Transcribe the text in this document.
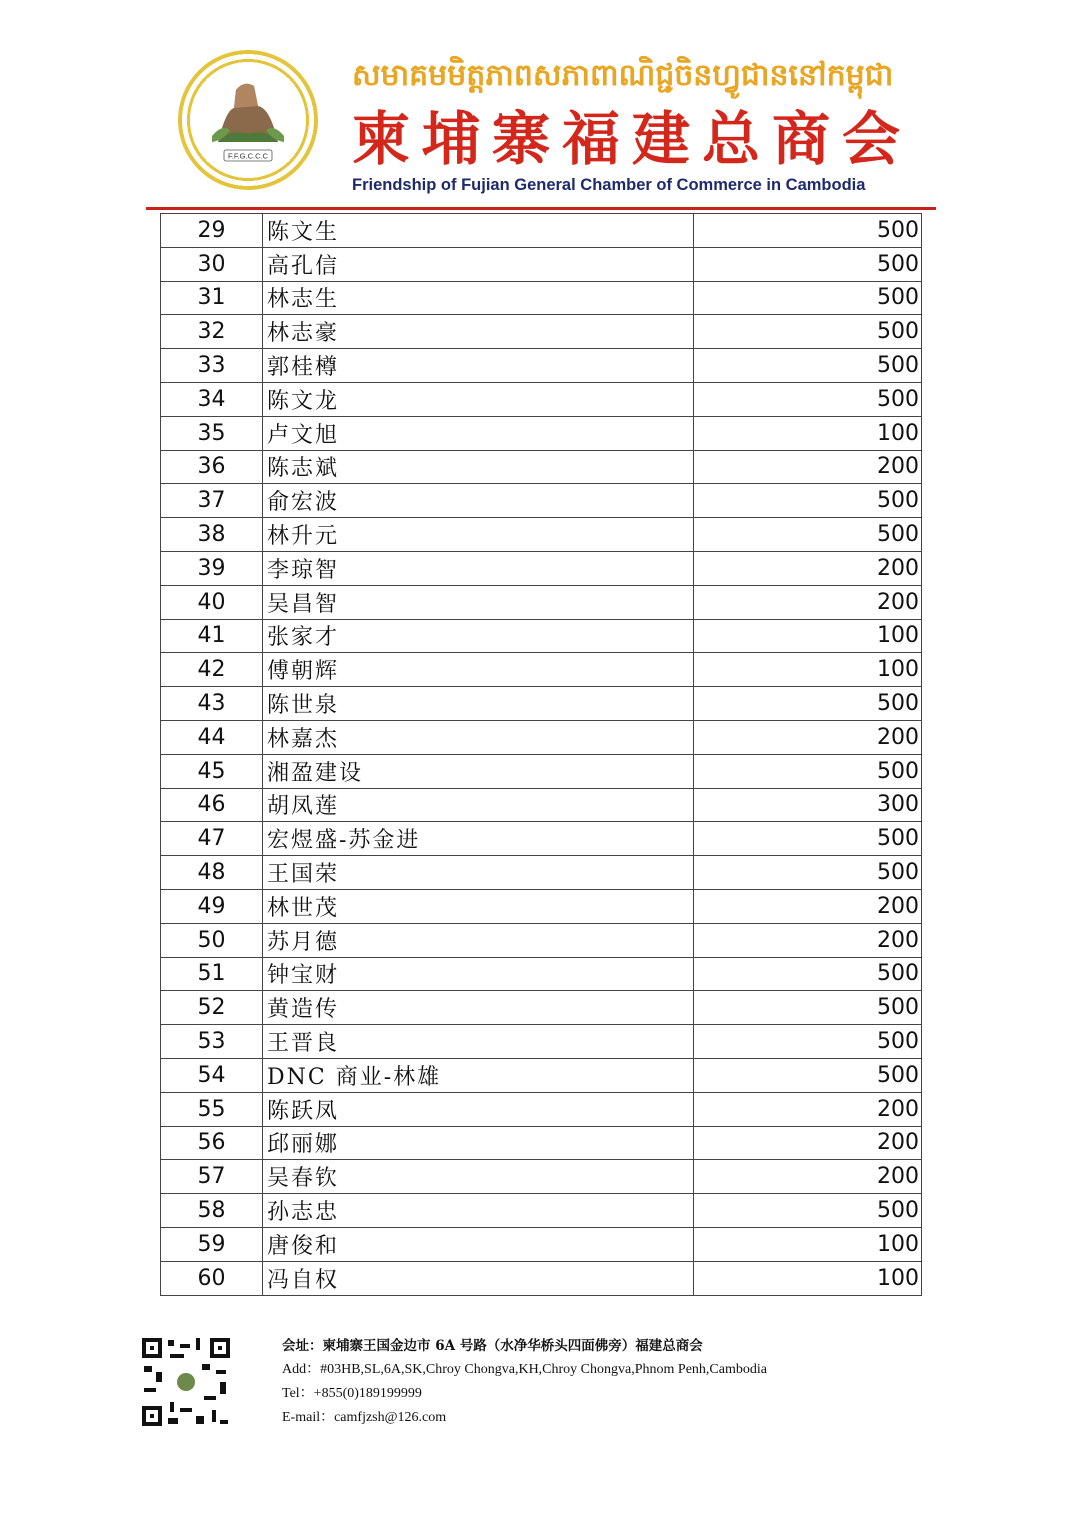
F.F.G.C.C.C
សមាគមមិត្តភាពសភាពាណិជ្ជចិនហ្វូជាននៅកម្ពុជា
柬埔寨福建总商会
Friendship of Fujian General Chamber of Commerce in Cambodia
29	陈文生	500
30	高孔信	500
31	林志生	500
32	林志豪	500
33	郭桂樽	500
34	陈文龙	500
35	卢文旭	100
36	陈志斌	200
37	俞宏波	500
38	林升元	500
39	李琼智	200
40	吴昌智	200
41	张家才	100
42	傅朝辉	100
43	陈世泉	500
44	林嘉杰	200
45	湘盈建设	500
46	胡凤莲	300
47	宏煜盛-苏金进	500
48	王国荣	500
49	林世茂	200
50	苏月德	200
51	钟宝财	500
52	黄造传	500
53	王晋良	500
54	DNC 商业-林雄	500
55	陈跃凤	200
56	邱丽娜	200
57	吴春钦	200
58	孙志忠	500
59	唐俊和	100
60	冯自权	100
会址：柬埔寨王国金边市 6A 号路（水净华桥头四面佛旁）福建总商会
Add：#03HB,SL,6A,SK,Chroy Chongva,KH,Chroy Chongva,Phnom Penh,Cambodia
Tel：+855(0)189199999
E-mail：camfjzsh@126.com
